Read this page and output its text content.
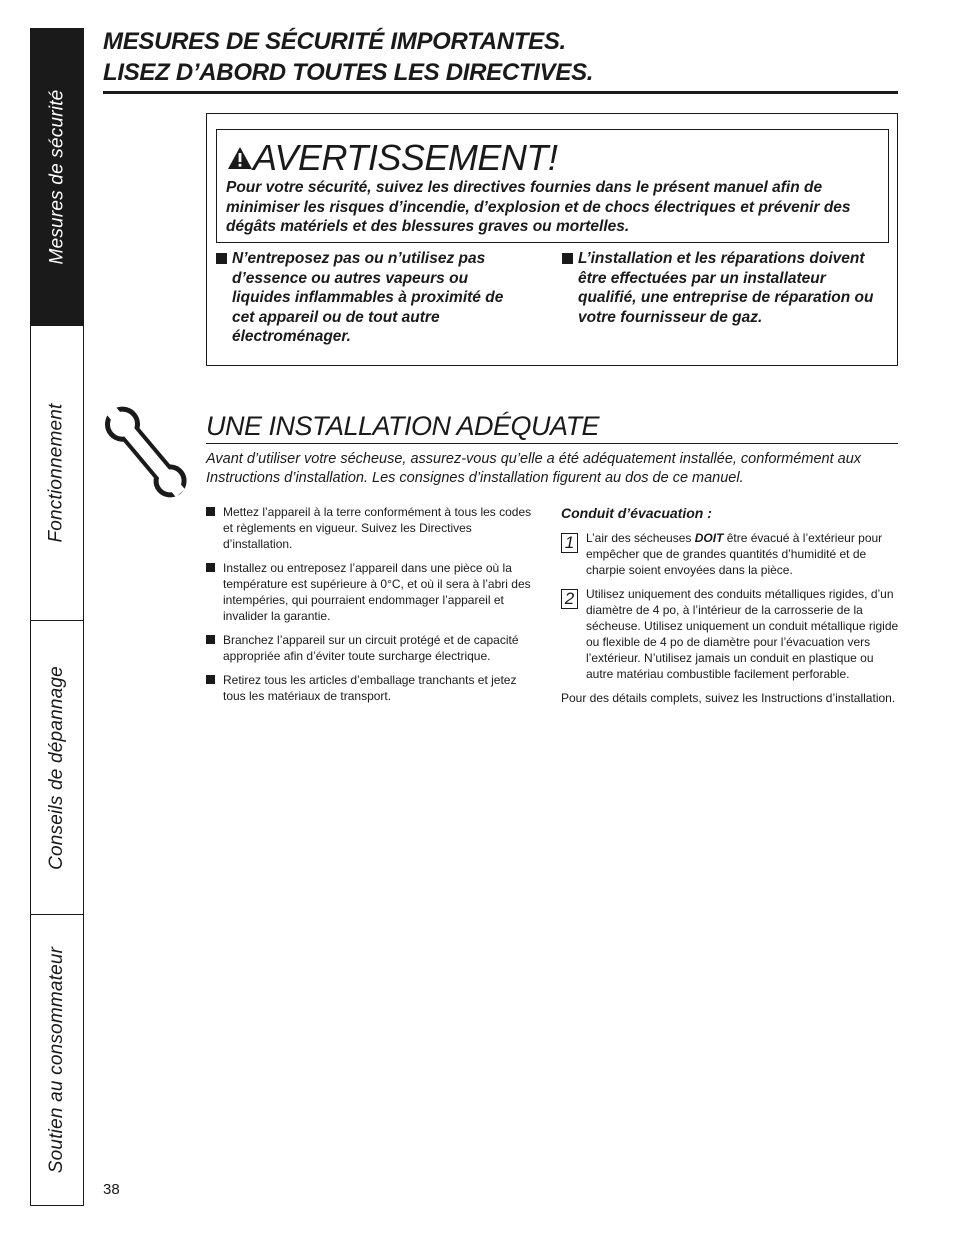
Mesures de sécurité
Fonctionnement
Conseils de dépannage
Soutien au consommateur
MESURES DE SÉCURITÉ IMPORTANTES.
LISEZ D’ABORD TOUTES LES DIRECTIVES.
AVERTISSEMENT!
Pour votre sécurité, suivez les directives fournies dans le présent manuel afin de minimiser les risques d’incendie, d’explosion et de chocs électriques et prévenir des dégâts matériels et des blessures graves ou mortelles.
N’entreposez pas ou n’utilisez pas d’essence ou autres vapeurs ou liquides inflammables à proximité de cet appareil ou de tout autre électroménager.
L’installation et les réparations doivent être effectuées par un installateur qualifié, une entreprise de réparation ou votre fournisseur de gaz.
UNE INSTALLATION ADÉQUATE
Avant d’utiliser votre sécheuse, assurez-vous qu’elle a été adéquatement installée, conformément aux Instructions d’installation. Les consignes d’installation figurent au dos de ce manuel.
Mettez l’appareil à la terre conformément à tous les codes et règlements en vigueur. Suivez les Directives d’installation.
Installez ou entreposez l’appareil dans une pièce où la température est supérieure à 0°C, et où il sera à l’abri des intempéries, qui pourraient endommager l’appareil et invalider la garantie.
Branchez l’appareil sur un circuit protégé et de capacité appropriée afin d’éviter toute surcharge électrique.
Retirez tous les articles d’emballage tranchants et jetez tous les matériaux de transport.
Conduit d’évacuation :
1 L’air des sécheuses DOIT être évacué à l’extérieur pour empêcher que de grandes quantités d’humidité et de charpie soient envoyées dans la pièce.
2 Utilisez uniquement des conduits métalliques rigides, d’un diamètre de 4 po, à l’intérieur de la carrosserie de la sécheuse. Utilisez uniquement un conduit métallique rigide ou flexible de 4 po de diamètre pour l’évacuation vers l’extérieur. N’utilisez jamais un conduit en plastique ou autre matériau combustible facilement perforable.
Pour des détails complets, suivez les Instructions d’installation.
38
